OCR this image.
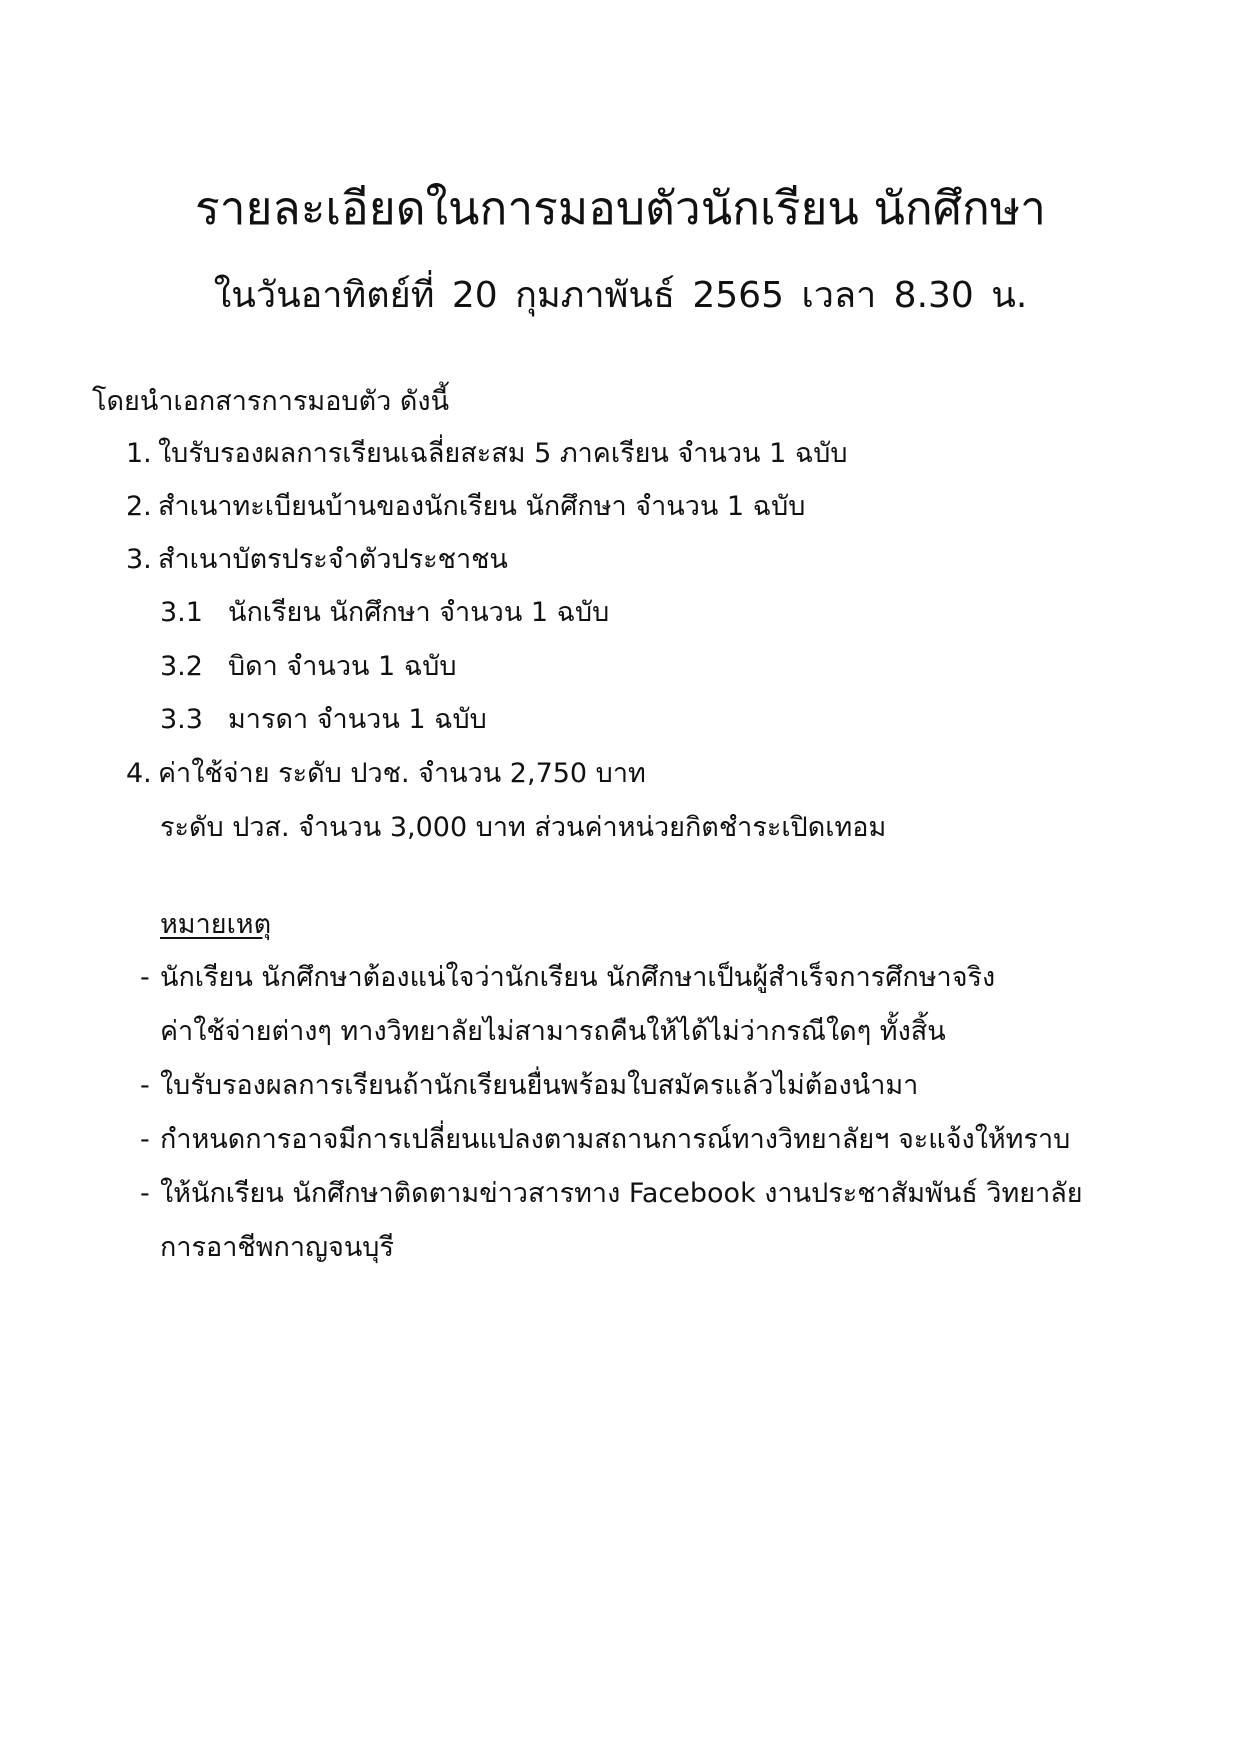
รายละเอียดในการมอบตัวนักเรียน นักศึกษา
ในวันอาทิตย์ที่ 20 กุมภาพันธ์ 2565 เวลา 8.30 น.
โดยนำเอกสารการมอบตัว ดังนี้
1. ใบรับรองผลการเรียนเฉลี่ยสะสม 5 ภาคเรียน จำนวน 1 ฉบับ
2. สำเนาทะเบียนบ้านของนักเรียน นักศึกษา จำนวน 1 ฉบับ
3. สำเนาบัตรประจำตัวประชาชน
3.1 นักเรียน นักศึกษา จำนวน 1 ฉบับ
3.2 บิดา จำนวน 1 ฉบับ
3.3 มารดา จำนวน 1 ฉบับ
4. ค่าใช้จ่าย ระดับ ปวช. จำนวน 2,750 บาท
ระดับ ปวส. จำนวน 3,000 บาท ส่วนค่าหน่วยกิตชำระเปิดเทอม
หมายเหตุ
- นักเรียน นักศึกษาต้องแน่ใจว่านักเรียน นักศึกษาเป็นผู้สำเร็จการศึกษาจริง
ค่าใช้จ่ายต่างๆ ทางวิทยาลัยไม่สามารถคืนให้ได้ไม่ว่ากรณีใดๆ ทั้งสิ้น
- ใบรับรองผลการเรียนถ้านักเรียนยื่นพร้อมใบสมัครแล้วไม่ต้องนำมา
- กำหนดการอาจมีการเปลี่ยนแปลงตามสถานการณ์ทางวิทยาลัยฯ จะแจ้งให้ทราบ
- ให้นักเรียน นักศึกษาติดตามข่าวสารทาง Facebook งานประชาสัมพันธ์ วิทยาลัย
การอาชีพกาญจนบุรี
